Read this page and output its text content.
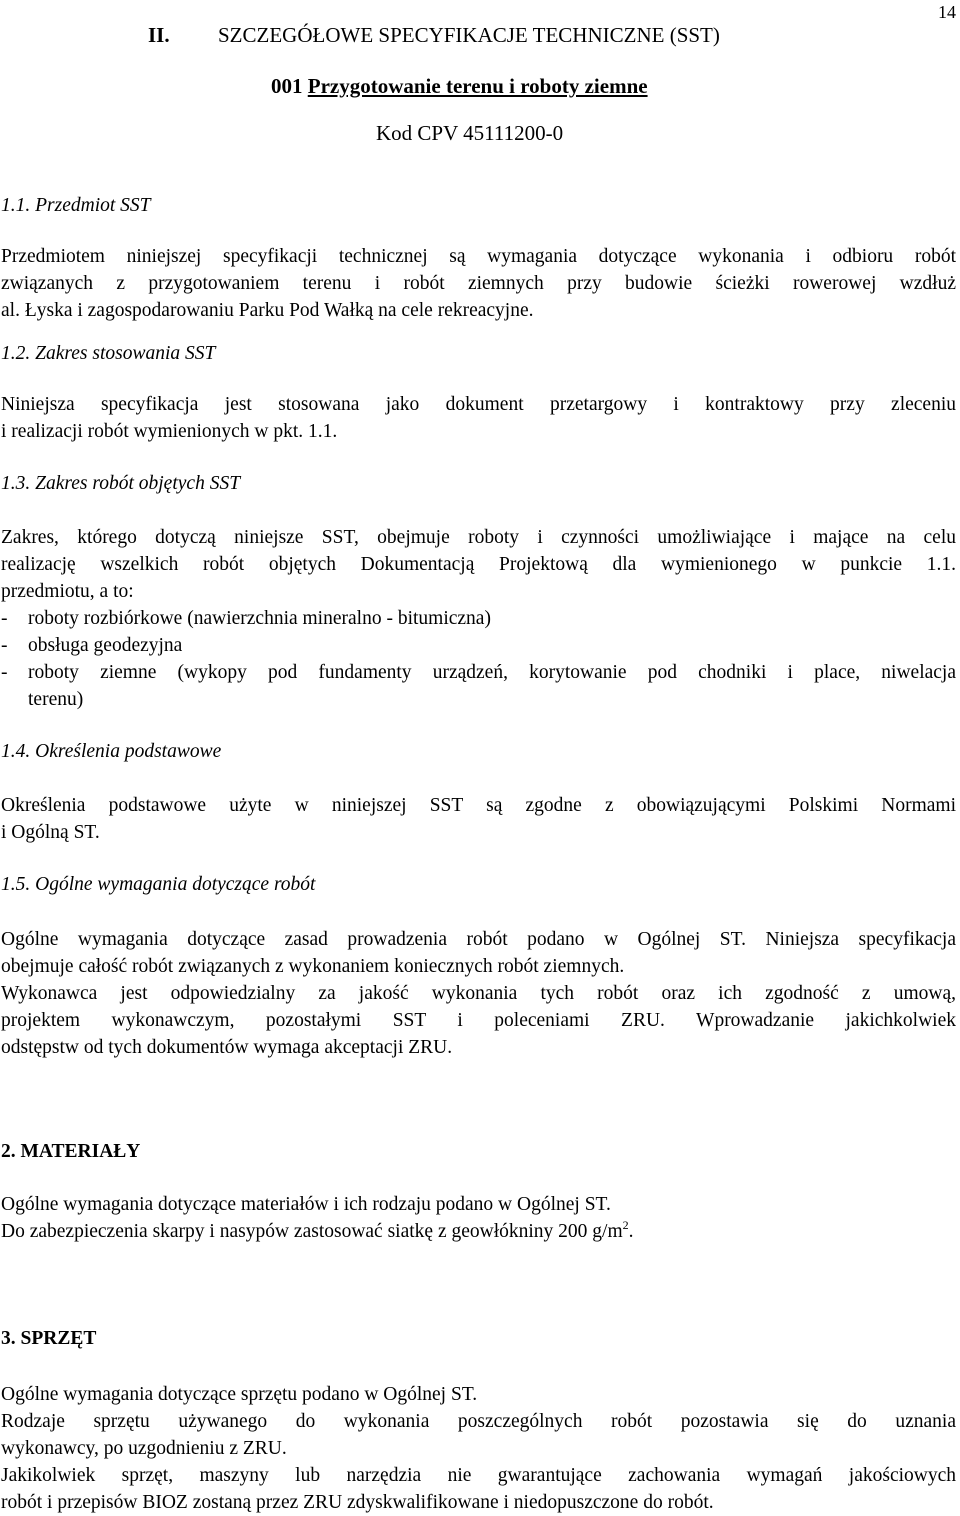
14
II. SZCZEGÓŁOWE SPECYFIKACJE TECHNICZNE (SST)
001 Przygotowanie terenu i roboty ziemne
Kod CPV 45111200-0
1.1. Przedmiot SST
Przedmiotem niniejszej specyfikacji technicznej są wymagania dotyczące wykonania i odbioru robót
związanych z przygotowaniem terenu i robót ziemnych przy budowie ścieżki rowerowej wzdłuż
al. Łyska i zagospodarowaniu Parku Pod Wałką na cele rekreacyjne.
1.2. Zakres stosowania SST
Niniejsza specyfikacja jest stosowana jako dokument przetargowy i kontraktowy przy zleceniu
i realizacji robót wymienionych w pkt. 1.1.
1.3. Zakres robót objętych SST
Zakres, którego dotyczą niniejsze SST, obejmuje roboty i czynności umożliwiające i mające na celu
realizację wszelkich robót objętych Dokumentacją Projektową dla wymienionego w punkcie 1.1.
przedmiotu, a to:
- roboty rozbiórkowe (nawierzchnia mineralno - bitumiczna)
- obsługa geodezyjna
- roboty ziemne (wykopy pod fundamenty urządzeń, korytowanie pod chodniki i place, niwelacja
terenu)
1.4. Określenia podstawowe
Określenia podstawowe użyte w niniejszej SST są zgodne z obowiązującymi Polskimi Normami
i Ogólną ST.
1.5. Ogólne wymagania dotyczące robót
Ogólne wymagania dotyczące zasad prowadzenia robót podano w Ogólnej ST. Niniejsza specyfikacja
obejmuje całość robót związanych z wykonaniem koniecznych robót ziemnych.
Wykonawca jest odpowiedzialny za jakość wykonania tych robót oraz ich zgodność z umową,
projektem wykonawczym, pozostałymi SST i poleceniami ZRU. Wprowadzanie jakichkolwiek
odstępstw od tych dokumentów wymaga akceptacji ZRU.
2. MATERIAŁY
Ogólne wymagania dotyczące materiałów i ich rodzaju podano w Ogólnej ST.
Do zabezpieczenia skarpy i nasypów zastosować siatkę z geowłókniny 200 $g/m^2$.
3. SPRZĘT
Ogólne wymagania dotyczące sprzętu podano w Ogólnej ST.
Rodzaje sprzętu używanego do wykonania poszczególnych robót pozostawia się do uznania
wykonawcy, po uzgodnieniu z ZRU.
Jakikolwiek sprzęt, maszyny lub narzędzia nie gwarantujące zachowania wymagań jakościowych
robót i przepisów BIOZ zostaną przez ZRU zdyskwalifikowane i niedopuszczone do robót.
